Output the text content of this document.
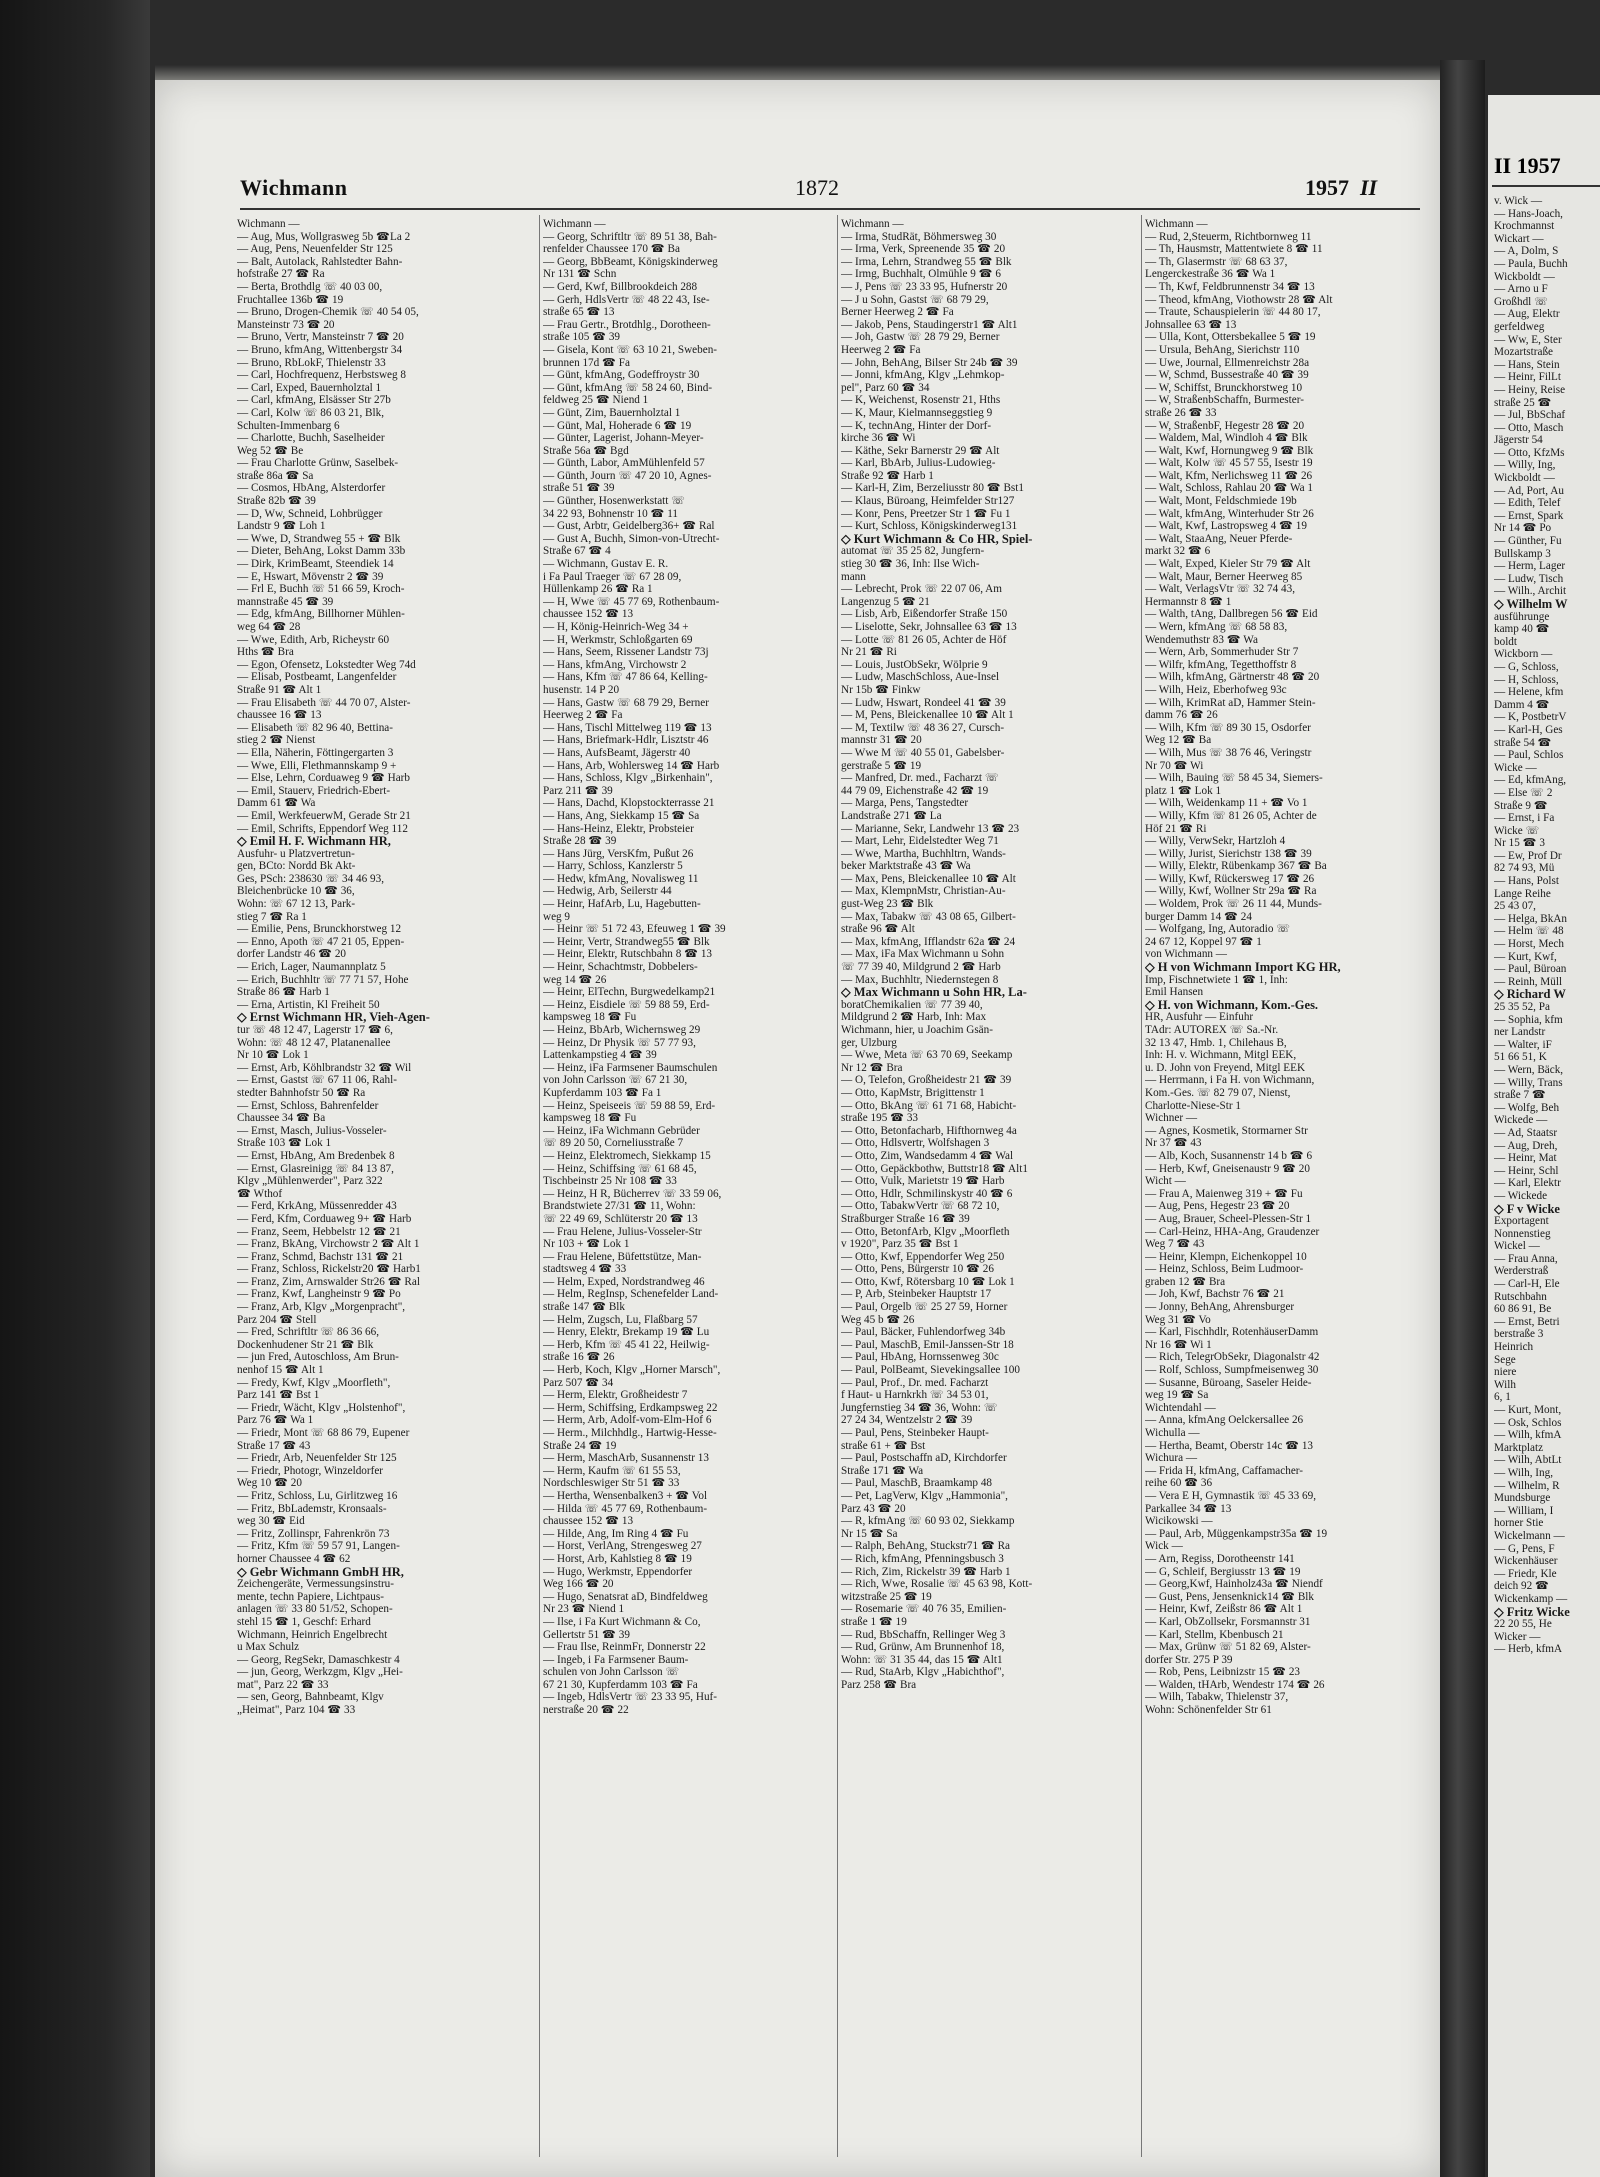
Wichmann	1872	1957 II
Wichmann —
— Aug, Mus, Wollgrasweg 5b ☎La 2
— Aug, Pens, Neuenfelder Str 125
— Balt, Autolack, Rahlstedter Bahn-
hofstraße 27 ☎ Ra
— Berta, Brothdlg ☏ 40 03 00,
Fruchtallee 136b ☎ 19
— Bruno, Drogen-Chemik ☏ 40 54 05,
Mansteinstr 73 ☎ 20
— Bruno, Vertr, Mansteinstr 7 ☎ 20
— Bruno, kfmAng, Wittenbergstr 34
— Bruno, RbLokF, Thielenstr 33
— Carl, Hochfrequenz, Herbstsweg 8
— Carl, Exped, Bauernholztal 1
— Carl, kfmAng, Elsässer Str 27b
— Carl, Kolw ☏ 86 03 21, Blk,
Schulten-Immenbarg 6
— Charlotte, Buchh, Saselheider
Weg 52 ☎ Be
— Frau Charlotte Grünw, Saselbek-
straße 86a ☎ Sa
— Cosmos, HbAng, Alsterdorfer
Straße 82b ☎ 39
— D, Ww, Schneid, Lohbrügger
Landstr 9 ☎ Loh 1
— Wwe, D, Strandweg 55 + ☎ Blk
— Dieter, BehAng, Lokst Damm 33b
— Dirk, KrimBeamt, Steendiek 14
— E, Hswart, Mövenstr 2 ☎ 39
— Frl E, Buchh ☏ 51 66 59, Kroch-
mannstraße 45 ☎ 39
— Edg, kfmAng, Billhorner Mühlen-
weg 64 ☎ 28
— Wwe, Edith, Arb, Richeystr 60
Hths ☎ Bra
— Egon, Ofensetz, Lokstedter Weg 74d
— Elisab, Postbeamt, Langenfelder
Straße 91 ☎ Alt 1
— Frau Elisabeth ☏ 44 70 07, Alster-
chaussee 16 ☎ 13
— Elisabeth ☏ 82 96 40, Bettina-
stieg 2 ☎ Nienst
— Ella, Näherin, Föttingergarten 3
— Wwe, Elli, Flethmannskamp 9 +
— Else, Lehrn, Corduaweg 9 ☎ Harb
— Emil, Stauerv, Friedrich-Ebert-
Damm 61 ☎ Wa
— Emil, WerkfeuerwM, Gerade Str 21
— Emil, Schrifts, Eppendorf Weg 112
◇ Emil H. F. Wichmann HR,
Ausfuhr- u Platzvertretun-
gen, BCto: Nordd Bk Akt-
Ges, PSch: 238630 ☏ 34 46 93,
Bleichenbrücke 10 ☎ 36,
Wohn: ☏ 67 12 13, Park-
stieg 7 ☎ Ra 1
— Emilie, Pens, Brunckhorstweg 12
— Enno, Apoth ☏ 47 21 05, Eppen-
dorfer Landstr 46 ☎ 20
— Erich, Lager, Naumannplatz 5
— Erich, Buchhltr ☏ 77 71 57, Hohe
Straße 86 ☎ Harb 1
— Erna, Artistin, Kl Freiheit 50
◇ Ernst Wichmann HR, Vieh-Agen-
tur ☏ 48 12 47, Lagerstr 17 ☎ 6,
Wohn: ☏ 48 12 47, Platanenallee
Nr 10 ☎ Lok 1
— Ernst, Arb, Köhlbrandstr 32 ☎ Wil
— Ernst, Gastst ☏ 67 11 06, Rahl-
stedter Bahnhofstr 50 ☎ Ra
— Ernst, Schloss, Bahrenfelder
Chaussee 34 ☎ Ba
— Ernst, Masch, Julius-Vosseler-
Straße 103 ☎ Lok 1
— Ernst, HbAng, Am Bredenbek 8
— Ernst, Glasreinigg ☏ 84 13 87,
Klgv „Mühlenwerder", Parz 322
☎ Wthof
— Ferd, KrkAng, Müssenredder 43
— Ferd, Kfm, Corduaweg 9+ ☎ Harb
— Franz, Seem, Hebbelstr 12 ☎ 21
— Franz, BkAng, Virchowstr 2 ☎ Alt 1
— Franz, Schmd, Bachstr 131 ☎ 21
— Franz, Schloss, Rickelstr20 ☎ Harb1
— Franz, Zim, Arnswalder Str26 ☎ Ral
— Franz, Kwf, Langheinstr 9 ☎ Po
— Franz, Arb, Klgv „Morgenpracht",
Parz 204 ☎ Stell
— Fred, Schriftltr ☏ 86 36 66,
Dockenhudener Str 21 ☎ Blk
— jun Fred, Autoschloss, Am Brun-
nenhof 15 ☎ Alt 1
— Fredy, Kwf, Klgv „Moorfleth",
Parz 141 ☎ Bst 1
— Friedr, Wächt, Klgv „Holstenhof",
Parz 76 ☎ Wa 1
— Friedr, Mont ☏ 68 86 79, Eupener
Straße 17 ☎ 43
— Friedr, Arb, Neuenfelder Str 125
— Friedr, Photogr, Winzeldorfer
Weg 10 ☎ 20
— Fritz, Schloss, Lu, Girlitzweg 16
— Fritz, BbLademstr, Kronsaals-
weg 30 ☎ Eid
— Fritz, Zollinspr, Fahrenkrön 73
— Fritz, Kfm ☏ 59 57 91, Langen-
horner Chaussee 4 ☎ 62
◇ Gebr Wichmann GmbH HR,
Zeichengeräte, Vermessungsinstru-
mente, techn Papiere, Lichtpaus-
anlagen ☏ 33 80 51/52, Schopen-
stehl 15 ☎ 1, Geschf: Erhard
Wichmann, Heinrich Engelbrecht
u Max Schulz
— Georg, RegSekr, Damaschkestr 4
— jun, Georg, Werkzgm, Klgv „Hei-
mat", Parz 22 ☎ 33
— sen, Georg, Bahnbeamt, Klgv
„Heimat", Parz 104 ☎ 33
Wichmann —
— Georg, Schriftltr ☏ 89 51 38, Bah-
renfelder Chaussee 170 ☎ Ba
— Georg, BbBeamt, Königskinderweg
Nr 131 ☎ Schn
— Gerd, Kwf, Billbrookdeich 288
— Gerh, HdlsVertr ☏ 48 22 43, Ise-
straße 65 ☎ 13
— Frau Gertr., Brotdhlg., Dorotheen-
straße 105 ☎ 39
— Gisela, Kont ☏ 63 10 21, Sweben-
brunnen 17d ☎ Fa
— Günt, kfmAng, Godeffroystr 30
— Günt, kfmAng ☏ 58 24 60, Bind-
feldweg 25 ☎ Niend 1
— Günt, Zim, Bauernholztal 1
— Günt, Mal, Hoherade 6 ☎ 19
— Günter, Lagerist, Johann-Meyer-
Straße 56a ☎ Bgd
— Günth, Labor, AmMühlenfeld 57
— Günth, Journ ☏ 47 20 10, Agnes-
straße 51 ☎ 39
— Günther, Hosenwerkstatt ☏
34 22 93, Bohnenstr 10 ☎ 11
— Gust, Arbtr, Geidelberg36+ ☎ Ral
— Gust A, Buchh, Simon-von-Utrecht-
Straße 67 ☎ 4
— Wichmann, Gustav E. R.
i Fa Paul Traeger ☏ 67 28 09,
Hüllenkamp 26 ☎ Ra 1
— H, Wwe ☏ 45 77 69, Rothenbaum-
chaussee 152 ☎ 13
— H, König-Heinrich-Weg 34 +
— H, Werkmstr, Schloßgarten 69
— Hans, Seem, Rissener Landstr 73j
— Hans, kfmAng, Virchowstr 2
— Hans, Kfm ☏ 47 86 64, Kelling-
husenstr. 14 P 20
— Hans, Gastw ☏ 68 79 29, Berner
Heerweg 2 ☎ Fa
— Hans, Tischl Mittelweg 119 ☎ 13
— Hans, Briefmark-Hdlr, Lisztstr 46
— Hans, AufsBeamt, Jägerstr 40
— Hans, Arb, Wohlersweg 14 ☎ Harb
— Hans, Schloss, Klgv „Birkenhain",
Parz 211 ☎ 39
— Hans, Dachd, Klopstockterrasse 21
— Hans, Ang, Siekkamp 15 ☎ Sa
— Hans-Heinz, Elektr, Probsteier
Straße 28 ☎ 39
— Hans Jürg, VersKfm, Pußut 26
— Harry, Schloss, Kanzlerstr 5
— Hedw, kfmAng, Novalisweg 11
— Hedwig, Arb, Seilerstr 44
— Heinr, HafArb, Lu, Hagebutten-
weg 9
— Heinr ☏ 51 72 43, Efeuweg 1 ☎ 39
— Heinr, Vertr, Strandweg55 ☎ Blk
— Heinr, Elektr, Rutschbahn 8 ☎ 13
— Heinr, Schachtmstr, Dobbelers-
weg 14 ☎ 26
— Heinr, ElTechn, Burgwedelkamp21
— Heinz, Eisdiele ☏ 59 88 59, Erd-
kampsweg 18 ☎ Fu
— Heinz, BbArb, Wichernsweg 29
— Heinz, Dr Physik ☏ 57 77 93,
Lattenkampstieg 4 ☎ 39
— Heinz, iFa Farmsener Baumschulen
von John Carlsson ☏ 67 21 30,
Kupferdamm 103 ☎ Fa 1
— Heinz, Speiseeis ☏ 59 88 59, Erd-
kampsweg 18 ☎ Fu
— Heinz, iFa Wichmann Gebrüder
☏ 89 20 50, Corneliusstraße 7
— Heinz, Elektromech, Siekkamp 15
— Heinz, Schiffsing ☏ 61 68 45,
Tischbeinstr 25 Nr 108 ☎ 33
— Heinz, H R, Bücherrev ☏ 33 59 06,
Brandstwiete 27/31 ☎ 11, Wohn:
☏ 22 49 69, Schlüterstr 20 ☎ 13
— Frau Helene, Julius-Vosseler-Str
Nr 103 + ☎ Lok 1
— Frau Helene, Büfettstütze, Man-
stadtsweg 4 ☎ 33
— Helm, Exped, Nordstrandweg 46
— Helm, RegInsp, Schenefelder Land-
straße 147 ☎ Blk
— Helm, Zugsch, Lu, Flaßbarg 57
— Henry, Elektr, Brekamp 19 ☎ Lu
— Herb, Kfm ☏ 45 41 22, Heilwig-
straße 16 ☎ 26
— Herb, Koch, Klgv „Horner Marsch",
Parz 507 ☎ 34
— Herm, Elektr, Großheidestr 7
— Herm, Schiffsing, Erdkampsweg 22
— Herm, Arb, Adolf-vom-Elm-Hof 6
— Herm., Milchhdlg., Hartwig-Hesse-
Straße 24 ☎ 19
— Herm, MaschArb, Susannenstr 13
— Herm, Kaufm ☏ 61 55 53,
Nordschleswiger Str 51 ☎ 33
— Hertha, Wensenbalken3 + ☎ Vol
— Hilda ☏ 45 77 69, Rothenbaum-
chaussee 152 ☎ 13
— Hilde, Ang, Im Ring 4 ☎ Fu
— Horst, VerlAng, Strengesweg 27
— Horst, Arb, Kahlstieg 8 ☎ 19
— Hugo, Werkmstr, Eppendorfer
Weg 166 ☎ 20
— Hugo, Senatsrat aD, Bindfeldweg
Nr 23 ☎ Niend 1
— Ilse, i Fa Kurt Wichmann & Co,
Gellertstr 51 ☎ 39
— Frau Ilse, ReinmFr, Donnerstr 22
— Ingeb, i Fa Farmsener Baum-
schulen von John Carlsson ☏
67 21 30, Kupferdamm 103 ☎ Fa
— Ingeb, HdlsVertr ☏ 23 33 95, Huf-
nerstraße 20 ☎ 22
Wichmann —
— Irma, StudRät, Böhmersweg 30
— Irma, Verk, Spreenende 35 ☎ 20
— Irma, Lehrn, Strandweg 55 ☎ Blk
— Irmg, Buchhalt, Olmühle 9 ☎ 6
— J, Pens ☏ 23 33 95, Hufnerstr 20
— J u Sohn, Gastst ☏ 68 79 29,
Berner Heerweg 2 ☎ Fa
— Jakob, Pens, Staudingerstr1 ☎ Alt1
— Joh, Gastw ☏ 28 79 29, Berner
Heerweg 2 ☎ Fa
— John, BehAng, Bilser Str 24b ☎ 39
— Jonni, kfmAng, Klgv „Lehmkop-
pel", Parz 60 ☎ 34
— K, Weichenst, Rosenstr 21, Hths
— K, Maur, Kielmannseggstieg 9
— K, technAng, Hinter der Dorf-
kirche 36 ☎ Wi
— Käthe, Sekr Barnerstr 29 ☎ Alt
— Karl, BbArb, Julius-Ludowieg-
Straße 92 ☎ Harb 1
— Karl-H, Zim, Berzeliusstr 80 ☎ Bst1
— Klaus, Büroang, Heimfelder Str127
— Konr, Pens, Preetzer Str 1 ☎ Fu 1
— Kurt, Schloss, Königskinderweg131
◇ Kurt Wichmann & Co HR, Spiel-
automat ☏ 35 25 82, Jungfern-
stieg 30 ☎ 36, Inh: Ilse Wich-
mann
— Lebrecht, Prok ☏ 22 07 06, Am
Langenzug 5 ☎ 21
— Lisb, Arb, Eißendorfer Straße 150
— Liselotte, Sekr, Johnsallee 63 ☎ 13
— Lotte ☏ 81 26 05, Achter de Höf
Nr 21 ☎ Ri
— Louis, JustObSekr, Wölprie 9
— Ludw, MaschSchloss, Aue-Insel
Nr 15b ☎ Finkw
— Ludw, Hswart, Rondeel 41 ☎ 39
— M, Pens, Bleickenallee 10 ☎ Alt 1
— M, Textilw ☏ 48 36 27, Cursch-
mannstr 31 ☎ 20
— Wwe M ☏ 40 55 01, Gabelsber-
gerstraße 5 ☎ 19
— Manfred, Dr. med., Facharzt ☏
44 79 09, Eichenstraße 42 ☎ 19
— Marga, Pens, Tangstedter
Landstraße 271 ☎ La
— Marianne, Sekr, Landwehr 13 ☎ 23
— Mart, Lehr, Eidelstedter Weg 71
— Wwe, Martha, Buchhltrn, Wands-
beker Marktstraße 43 ☎ Wa
— Max, Pens, Bleickenallee 10 ☎ Alt
— Max, KlempnMstr, Christian-Au-
gust-Weg 23 ☎ Blk
— Max, Tabakw ☏ 43 08 65, Gilbert-
straße 96 ☎ Alt
— Max, kfmAng, Ifflandstr 62a ☎ 24
— Max, iFa Max Wichmann u Sohn
☏ 77 39 40, Mildgrund 2 ☎ Harb
— Max, Buchhltr, Niedernstegen 8
◇ Max Wichmann u Sohn HR, La-
boratChemikalien ☏ 77 39 40,
Mildgrund 2 ☎ Harb, Inh: Max
Wichmann, hier, u Joachim Gsän-
ger, Ulzburg
— Wwe, Meta ☏ 63 70 69, Seekamp
Nr 12 ☎ Bra
— O, Telefon, Großheidestr 21 ☎ 39
— Otto, KapMstr, Brigittenstr 1
— Otto, BkAng ☏ 61 71 68, Habicht-
straße 195 ☎ 33
— Otto, Betonfacharb, Hifthornweg 4a
— Otto, Hdlsvertr, Wolfshagen 3
— Otto, Zim, Wandsedamm 4 ☎ Wal
— Otto, Gepäckbothw, Buttstr18 ☎ Alt1
— Otto, Vulk, Marietstr 19 ☎ Harb
— Otto, Hdlr, Schmilinskystr 40 ☎ 6
— Otto, TabakwVertr ☏ 68 72 10,
Straßburger Straße 16 ☎ 39
— Otto, BetonfArb, Klgv „Moorfleth
v 1920", Parz 35 ☎ Bst 1
— Otto, Kwf, Eppendorfer Weg 250
— Otto, Pens, Bürgerstr 10 ☎ 26
— Otto, Kwf, Rötersbarg 10 ☎ Lok 1
— P, Arb, Steinbeker Hauptstr 17
— Paul, Orgelb ☏ 25 27 59, Horner
Weg 45 b ☎ 26
— Paul, Bäcker, Fuhlendorfweg 34b
— Paul, MaschB, Emil-Janssen-Str 18
— Paul, HbAng, Hornssenweg 30c
— Paul, PolBeamt, Sievekingsallee 100
— Paul, Prof., Dr. med. Facharzt
f Haut- u Harnkrkh ☏ 34 53 01,
Jungfernstieg 34 ☎ 36, Wohn: ☏
27 24 34, Wentzelstr 2 ☎ 39
— Paul, Pens, Steinbeker Haupt-
straße 61 + ☎ Bst
— Paul, Postschaffn aD, Kirchdorfer
Straße 171 ☎ Wa
— Paul, MaschB, Braamkamp 48
— Pet, LagVerw, Klgv „Hammonia",
Parz 43 ☎ 20
— R, kfmAng ☏ 60 93 02, Siekkamp
Nr 15 ☎ Sa
— Ralph, BehAng, Stuckstr71 ☎ Ra
— Rich, kfmAng, Pfenningsbusch 3
— Rich, Zim, Rickelstr 39 ☎ Harb 1
— Rich, Wwe, Rosalie ☏ 45 63 98, Kott-
witzstraße 25 ☎ 19
— Rosemarie ☏ 40 76 35, Emilien-
straße 1 ☎ 19
— Rud, BbSchaffn, Rellinger Weg 3
— Rud, Grünw, Am Brunnenhof 18,
Wohn: ☏ 31 35 44, das 15 ☎ Alt1
— Rud, StaArb, Klgv „Habichthof",
Parz 258 ☎ Bra
Wichmann —
— Rud, 2,Steuerm, Richtbornweg 11
— Th, Hausmstr, Mattentwiete 8 ☎ 11
— Th, Glasermstr ☏ 68 63 37,
Lengerckestraße 36 ☎ Wa 1
— Th, Kwf, Feldbrunnenstr 34 ☎ 13
— Theod, kfmAng, Viothowstr 28 ☎ Alt
— Traute, Schauspielerin ☏ 44 80 17,
Johnsallee 63 ☎ 13
— Ulla, Kont, Ottersbekallee 5 ☎ 19
— Ursula, BehAng, Sierichstr 110
— Uwe, Journal, Ellmenreichstr 28a
— W, Schmd, Bussestraße 40 ☎ 39
— W, Schiffst, Brunckhorstweg 10
— W, StraßenbSchaffn, Burmester-
straße 26 ☎ 33
— W, StraßenbF, Hegestr 28 ☎ 20
— Waldem, Mal, Windloh 4 ☎ Blk
— Walt, Kwf, Hornungweg 9 ☎ Blk
— Walt, Kolw ☏ 45 57 55, Isestr 19
— Walt, Kfm, Nerlichsweg 11 ☎ 26
— Walt, Schloss, Rahlau 20 ☎ Wa 1
— Walt, Mont, Feldschmiede 19b
— Walt, kfmAng, Winterhuder Str 26
— Walt, Kwf, Lastropsweg 4 ☎ 19
— Walt, StaaAng, Neuer Pferde-
markt 32 ☎ 6
— Walt, Exped, Kieler Str 79 ☎ Alt
— Walt, Maur, Berner Heerweg 85
— Walt, VerlagsVtr ☏ 32 74 43,
Hermannstr 8 ☎ 1
— Walth, tAng, Dallbregen 56 ☎ Eid
— Wern, kfmAng ☏ 68 58 83,
Wendemuthstr 83 ☎ Wa
— Wern, Arb, Sommerhuder Str 7
— Wilfr, kfmAng, Tegetthoffstr 8
— Wilh, kfmAng, Gärtnerstr 48 ☎ 20
— Wilh, Heiz, Eberhofweg 93c
— Wilh, KrimRat aD, Hammer Stein-
damm 76 ☎ 26
— Wilh, Kfm ☏ 89 30 15, Osdorfer
Weg 12 ☎ Ba
— Wilh, Mus ☏ 38 76 46, Veringstr
Nr 70 ☎ Wi
— Wilh, Bauing ☏ 58 45 34, Siemers-
platz 1 ☎ Lok 1
— Wilh, Weidenkamp 11 + ☎ Vo 1
— Willy, Kfm ☏ 81 26 05, Achter de
Höf 21 ☎ Ri
— Willy, VerwSekr, Hartzloh 4
— Willy, Jurist, Sierichstr 138 ☎ 39
— Willy, Elektr, Rübenkamp 367 ☎ Ba
— Willy, Kwf, Rückersweg 17 ☎ 26
— Willy, Kwf, Wollner Str 29a ☎ Ra
— Woldem, Prok ☏ 26 11 44, Munds-
burger Damm 14 ☎ 24
— Wolfgang, Ing, Autoradio ☏
24 67 12, Koppel 97 ☎ 1
von Wichmann —
◇ H von Wichmann Import KG HR,
Imp, Fischnetwiete 1 ☎ 1, Inh:
Emil Hansen
◇ H. von Wichmann, Kom.-Ges.
HR, Ausfuhr — Einfuhr
TAdr: AUTOREX ☏ Sa.-Nr.
32 13 47, Hmb. 1, Chilehaus B,
Inh: H. v. Wichmann, Mitgl EEK,
u. D. John von Freyend, Mitgl EEK
— Herrmann, i Fa H. von Wichmann,
Kom.-Ges. ☏ 82 79 07, Nienst,
Charlotte-Niese-Str 1
Wichner —
— Agnes, Kosmetik, Stormarner Str
Nr 37 ☎ 43
— Alb, Koch, Susannenstr 14 b ☎ 6
— Herb, Kwf, Gneisenaustr 9 ☎ 20
Wicht —
— Frau A, Maienweg 319 + ☎ Fu
— Aug, Pens, Hegestr 23 ☎ 20
— Aug, Brauer, Scheel-Plessen-Str 1
— Carl-Heinz, HHA-Ang, Graudenzer
Weg 7 ☎ 43
— Heinr, Klempn, Eichenkoppel 10
— Heinz, Schloss, Beim Ludmoor-
graben 12 ☎ Bra
— Joh, Kwf, Bachstr 76 ☎ 21
— Jonny, BehAng, Ahrensburger
Weg 31 ☎ Vo
— Karl, Fischhdlr, RotenhäuserDamm
Nr 16 ☎ Wi 1
— Rich, TelegrObSekr, Diagonalstr 42
— Rolf, Schloss, Sumpfmeisenweg 30
— Susanne, Büroang, Saseler Heide-
weg 19 ☎ Sa
Wichtendahl —
— Anna, kfmAng Oelckersallee 26
Wichulla —
— Hertha, Beamt, Oberstr 14c ☎ 13
Wichura —
— Frida H, kfmAng, Caffamacher-
reihe 60 ☎ 36
— Vera E H, Gymnastik ☏ 45 33 69,
Parkallee 34 ☎ 13
Wicikowski —
— Paul, Arb, Müggenkampstr35a ☎ 19
Wick —
— Arn, Regiss, Dorotheenstr 141
— G, Schleif, Bergiusstr 13 ☎ 19
— Georg,Kwf, Hainholz43a ☎ Niendf
— Gust, Pens, Jensenknick14 ☎ Blk
— Heinr, Kwf, Zeißstr 86 ☎ Alt 1
— Karl, ObZollsekr, Forsmannstr 31
— Karl, Stellm, Kbenbusch 21
— Max, Grünw ☏ 51 82 69, Alster-
dorfer Str. 275 P 39
— Rob, Pens, Leibnizstr 15 ☎ 23
— Walden, tHArb, Wendestr 174 ☎ 26
— Wilh, Tabakw, Thielenstr 37,
Wohn: Schönenfelder Str 61
II 1957
v. Wick —
— Hans-Joach,
Krochmannst
Wickart —
— A, Dolm, S
— Paula, Buchh
Wickboldt —
— Arno u F
Großhdl ☏
— Aug, Elektr
gerfeldweg
— Ww, E, Ster
Mozartstraße
— Hans, Stein
— Heinr, FilLt
— Heiny, Reise
straße 25 ☎
— Jul, BbSchaf
— Otto, Masch
Jägerstr 54
— Otto, KfzMs
— Willy, Ing,
Wickboldt —
— Ad, Port, Au
— Edith, Telef
— Ernst, Spark
Nr 14 ☎ Po
— Günther, Fu
Bullskamp 3
— Herm, Lager
— Ludw, Tisch
— Wilh., Archit
◇ Wilhelm W
ausführunge
kamp 40 ☎
boldt
Wickborn —
— G, Schloss,
— H, Schloss,
— Helene, kfm
Damm 4 ☎
— K, PostbetrV
— Karl-H, Ges
straße 54 ☎
— Paul, Schlos
Wicke —
— Ed, kfmAng,
— Else ☏ 2
Straße 9 ☎
— Ernst, i Fa
Wicke ☏
Nr 15 ☎ 3
— Ew, Prof Dr
82 74 93, Mü
— Hans, Polst
Lange Reihe
25 43 07,
— Helga, BkAn
— Helm ☏ 48
— Horst, Mech
— Kurt, Kwf,
— Paul, Büroan
— Reinh, Müll
◇ Richard W
25 35 52, Pa
— Sophia, kfm
ner Landstr
— Walter, iF
51 66 51, K
— Wern, Bäck,
— Willy, Trans
straße 7 ☎
— Wolfg, Beh
Wickede —
— Ad, Staatsr
— Aug, Dreh,
— Heinr, Mat
— Heinr, Schl
— Karl, Elektr
— Wickede
◇ F v Wicke
Exportagent
Nonnenstieg
Wickel —
— Frau Anna,
Werderstraß
— Carl-H, Ele
Rutschbahn
60 86 91, Be
— Ernst, Betri
berstraße 3
Heinrich
Sege
niere
Wilh
6, 1
— Kurt, Mont,
— Osk, Schlos
— Wilh, kfmA
Marktplatz
— Wilh, AbtLt
— Wilh, Ing,
— Wilhelm, R
Mundsburge
— William, I
horner Stie
Wickelmann —
— G, Pens, F
Wickenhäuser
— Friedr, Kle
deich 92 ☎
Wickenkamp —
◇ Fritz Wicke
22 20 55, He
Wicker —
— Herb, kfmA
